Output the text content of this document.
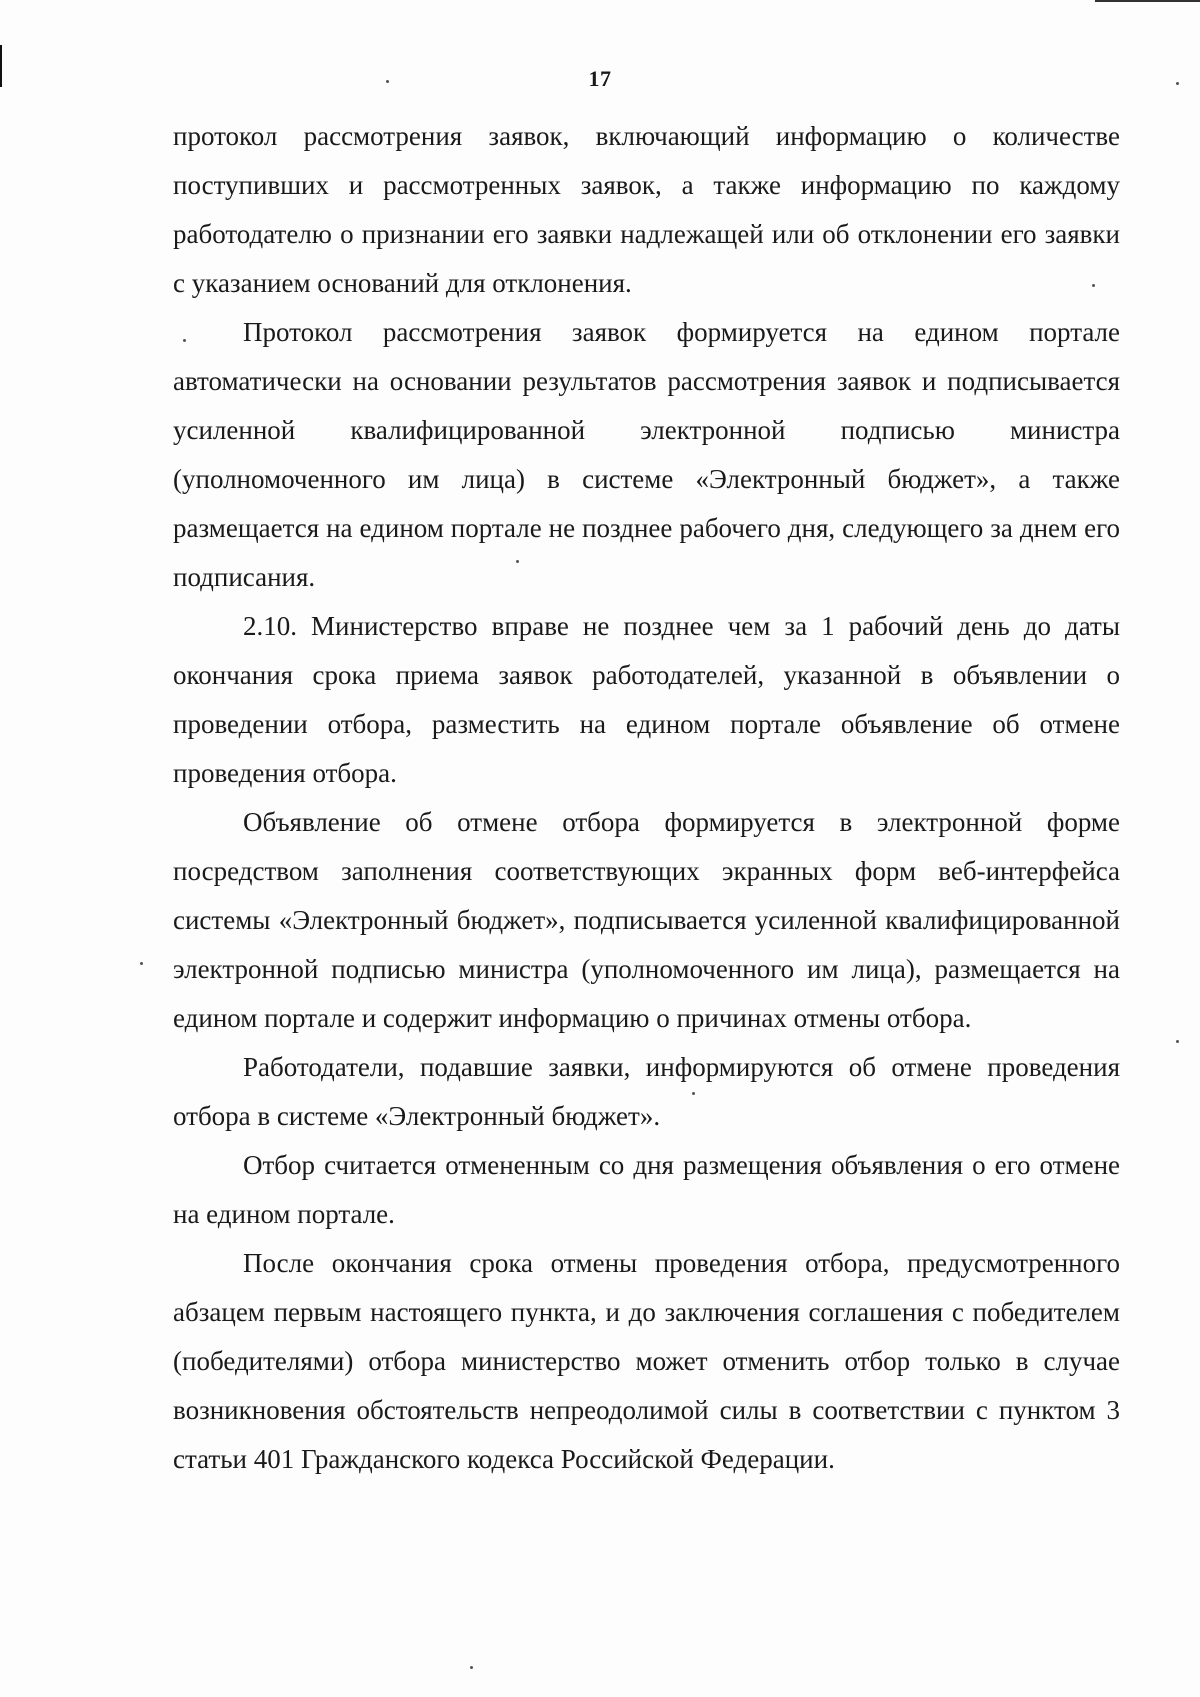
17

протокол рассмотрения заявок, включающий информацию о количестве поступивших и рассмотренных заявок, а также информацию по каждому работодателю о признании его заявки надлежащей или об отклонении его заявки с указанием оснований для отклонения.

Протокол рассмотрения заявок формируется на едином портале автоматически на основании результатов рассмотрения заявок и подписывается усиленной квалифицированной электронной подписью министра (уполномоченного им лица) в системе «Электронный бюджет», а также размещается на едином портале не позднее рабочего дня, следующего за днем его подписания.

2.10. Министерство вправе не позднее чем за 1 рабочий день до даты окончания срока приема заявок работодателей, указанной в объявлении о проведении отбора, разместить на едином портале объявление об отмене проведения отбора.

Объявление об отмене отбора формируется в электронной форме посредством заполнения соответствующих экранных форм веб-интерфейса системы «Электронный бюджет», подписывается усиленной квалифицированной электронной подписью министра (уполномоченного им лица), размещается на едином портале и содержит информацию о причинах отмены отбора.

Работодатели, подавшие заявки, информируются об отмене проведения отбора в системе «Электронный бюджет».

Отбор считается отмененным со дня размещения объявления о его отмене на едином портале.

После окончания срока отмены проведения отбора, предусмотренного абзацем первым настоящего пункта, и до заключения соглашения с победителем (победителями) отбора министерство может отменить отбор только в случае возникновения обстоятельств непреодолимой силы в соответствии с пунктом 3 статьи 401 Гражданского кодекса Российской Федерации.
